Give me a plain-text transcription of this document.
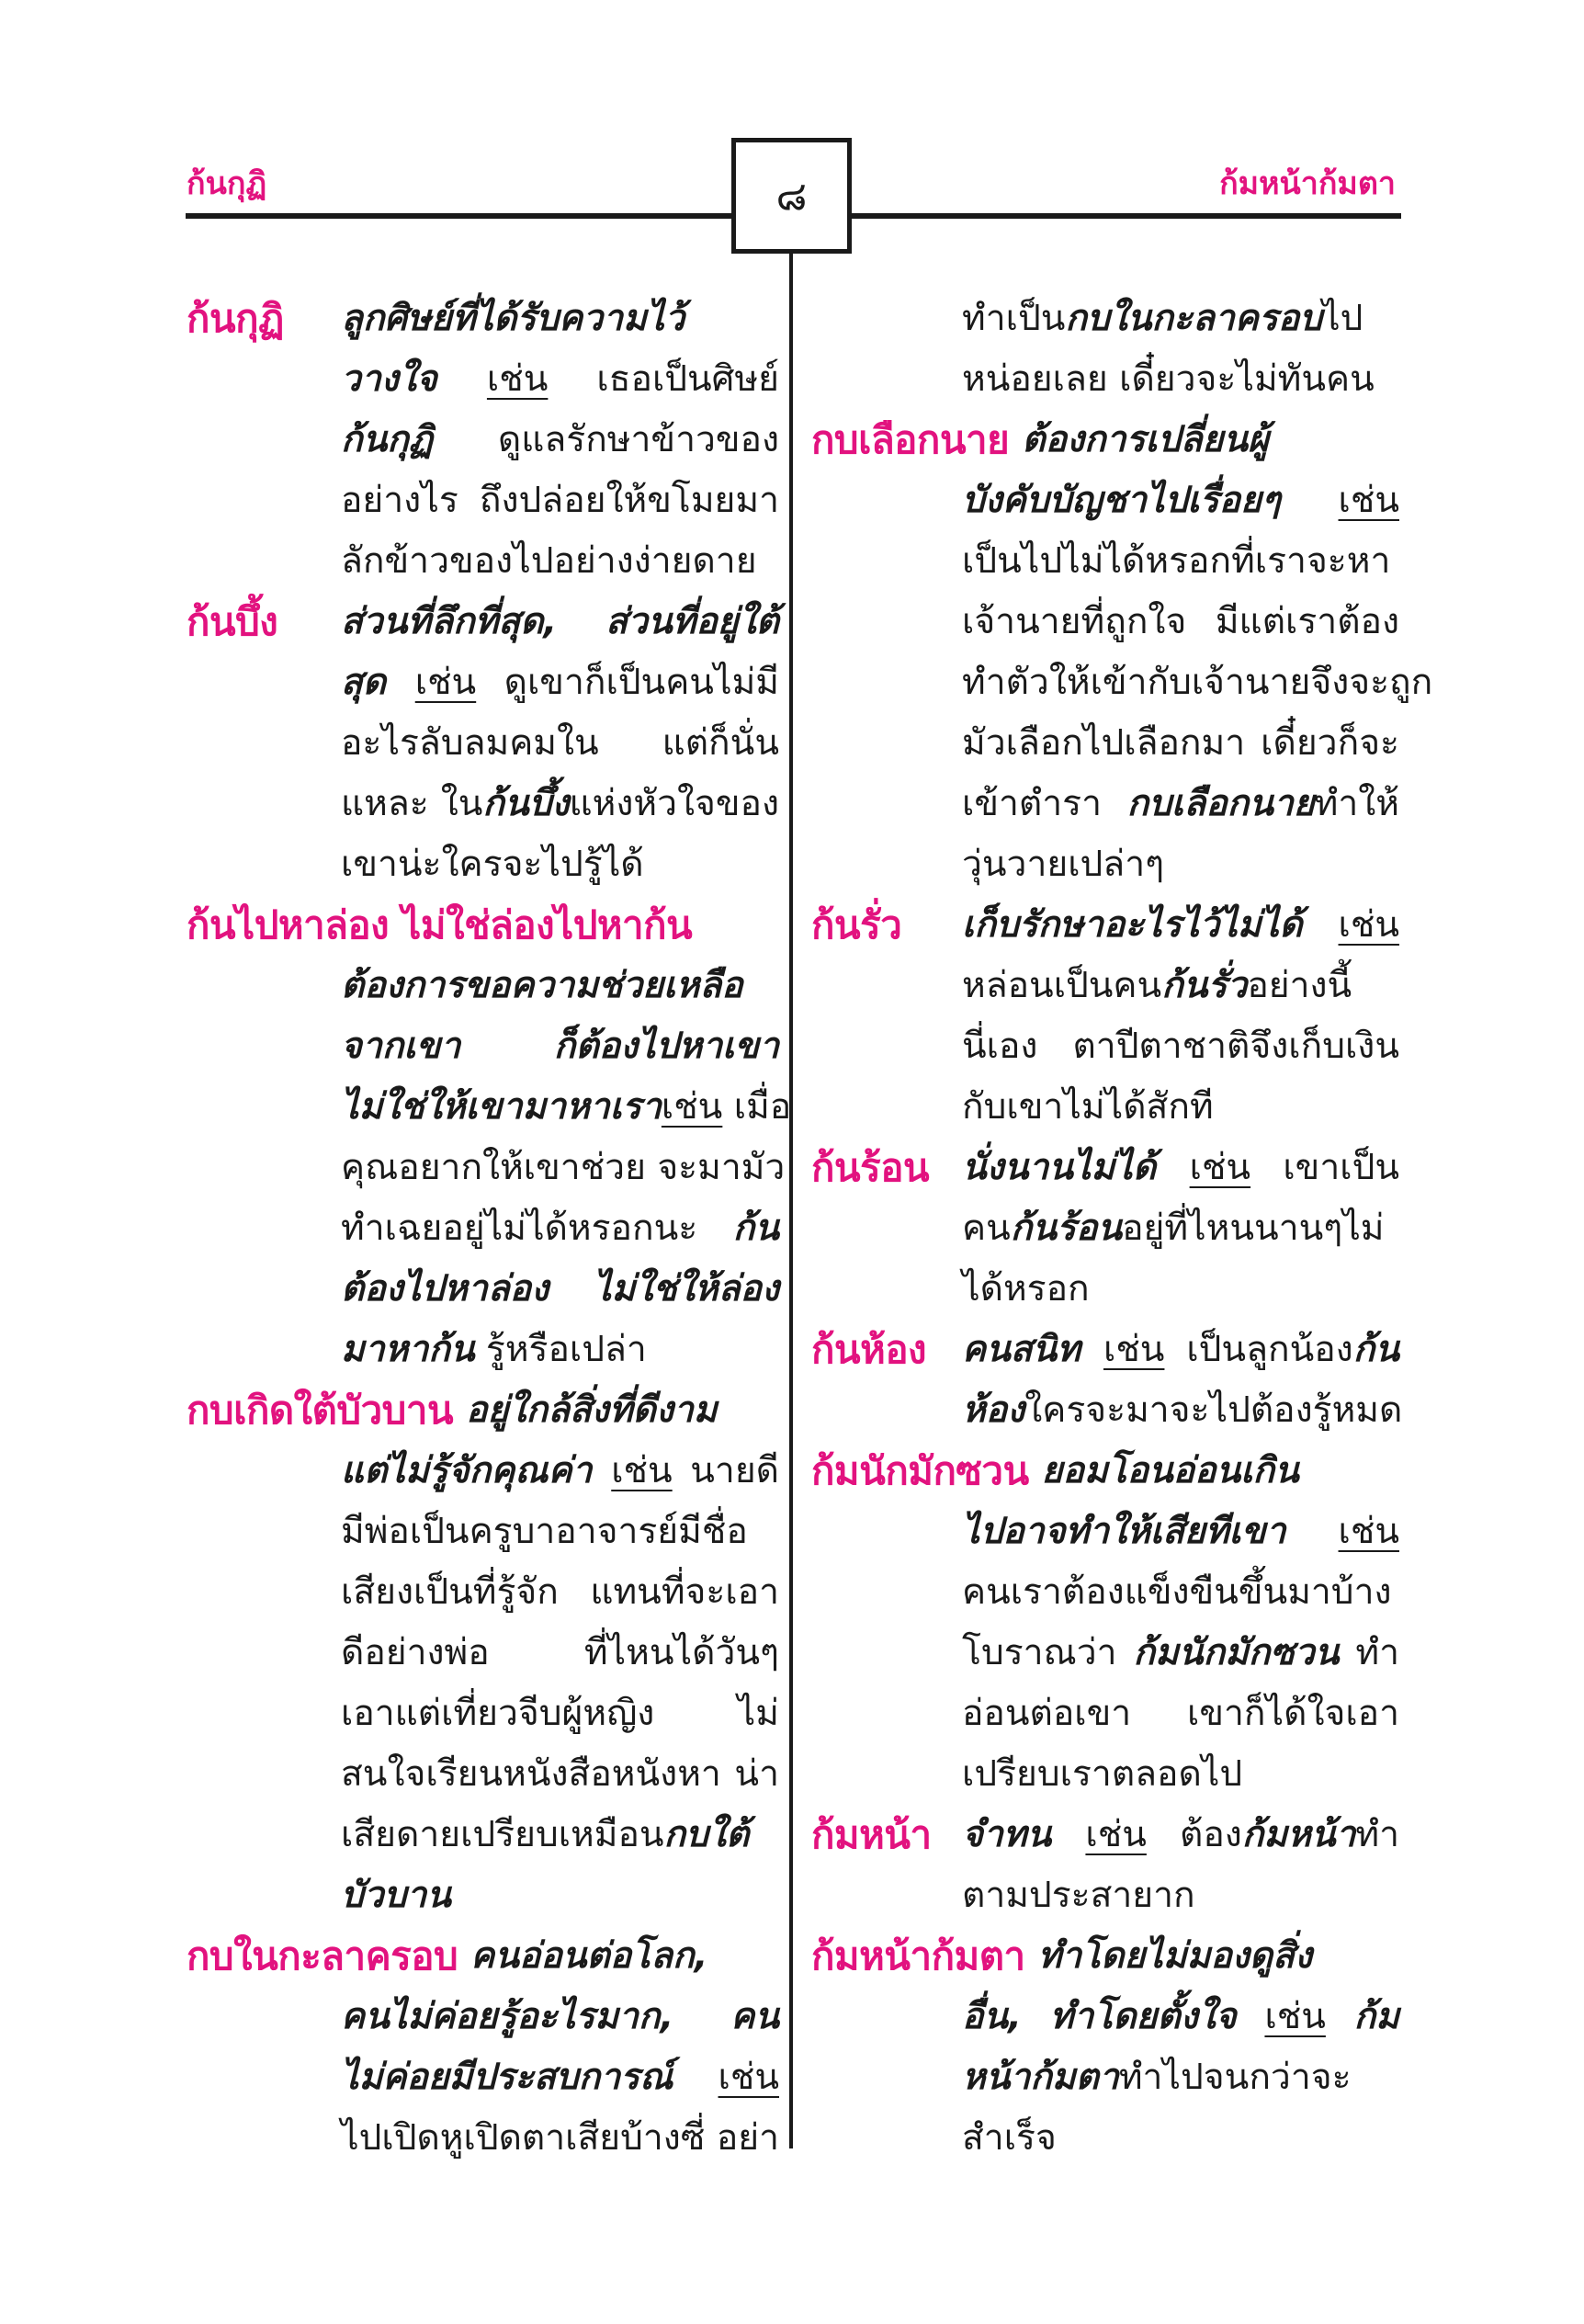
ก้นกุฏิ	ก้มหน้าก้มตา
๘
ก้นกุฏิ ลูกศิษย์ที่ได้รับความไว้
วางใจ เช่น เธอเป็นศิษย์
ก้นกุฏิ ดูแลรักษาข้าวของ
อย่างไร ถึงปล่อยให้ขโมยมา
ลักข้าวของไปอย่างง่ายดาย
ก้นบึ้ง ส่วนที่ลึกที่สุด, ส่วนที่อยู่ใต้
สุด เช่น ดูเขาก็เป็นคนไม่มี
อะไรลับลมคมใน แต่ก็นั่น
แหละ ในก้นบึ้งแห่งหัวใจของ
เขาน่ะใครจะไปรู้ได้
ก้นไปหาล่อง ไม่ใช่ล่องไปหาก้น
ต้องการขอความช่วยเหลือ
จากเขา ก็ต้องไปหาเขา
ไม่ใช่ให้เขามาหาเราเช่น เมื่อ
คุณอยากให้เขาช่วย จะมามัว
ทำเฉยอยู่ไม่ได้หรอกนะ ก้น
ต้องไปหาล่อง ไม่ใช่ให้ล่อง
มาหาก้น รู้หรือเปล่า
กบเกิดใต้บัวบาน อยู่ใกล้สิ่งที่ดีงาม
แต่ไม่รู้จักคุณค่า เช่น นายดี
มีพ่อเป็นครูบาอาจารย์มีชื่อ
เสียงเป็นที่รู้จัก แทนที่จะเอา
ดีอย่างพ่อ ที่ไหนได้วันๆ
เอาแต่เที่ยวจีบผู้หญิง ไม่
สนใจเรียนหนังสือหนังหา น่า
เสียดายเปรียบเหมือนกบใต้
บัวบาน
กบในกะลาครอบ คนอ่อนต่อโลก,
คนไม่ค่อยรู้อะไรมาก, คน
ไม่ค่อยมีประสบการณ์ เช่น
ไปเปิดหูเปิดตาเสียบ้างซี่ อย่า
ทำเป็นกบในกะลาครอบไป
หน่อยเลย เดี๋ยวจะไม่ทันคน
กบเลือกนาย ต้องการเปลี่ยนผู้
บังคับบัญชาไปเรื่อยๆ เช่น
เป็นไปไม่ได้หรอกที่เราจะหา
เจ้านายที่ถูกใจ มีแต่เราต้อง
ทำตัวให้เข้ากับเจ้านายจึงจะถูก
มัวเลือกไปเลือกมา เดี๋ยวก็จะ
เข้าตำรา กบเลือกนายทำให้
วุ่นวายเปล่าๆ
ก้นรั่ว เก็บรักษาอะไรไว้ไม่ได้ เช่น
หล่อนเป็นคนก้นรั่วอย่างนี้
นี่เอง ตาปีตาชาติจึงเก็บเงิน
กับเขาไม่ได้สักที
ก้นร้อน นั่งนานไม่ได้ เช่น เขาเป็น
คนก้นร้อนอยู่ที่ไหนนานๆไม่
ได้หรอก
ก้นห้อง คนสนิท เช่น เป็นลูกน้องก้น
ห้องใครจะมาจะไปต้องรู้หมด
ก้มนักมักซวน ยอมโอนอ่อนเกิน
ไปอาจทำให้เสียทีเขา เช่น
คนเราต้องแข็งขืนขึ้นมาบ้าง
โบราณว่า ก้มนักมักซวน ทำ
อ่อนต่อเขา เขาก็ได้ใจเอา
เปรียบเราตลอดไป
ก้มหน้า จำทน เช่น ต้องก้มหน้าทำ
ตามประสายาก
ก้มหน้าก้มตา ทำโดยไม่มองดูสิ่ง
อื่น, ทำโดยตั้งใจ เช่น ก้ม
หน้าก้มตาทำไปจนกว่าจะ
สำเร็จ
